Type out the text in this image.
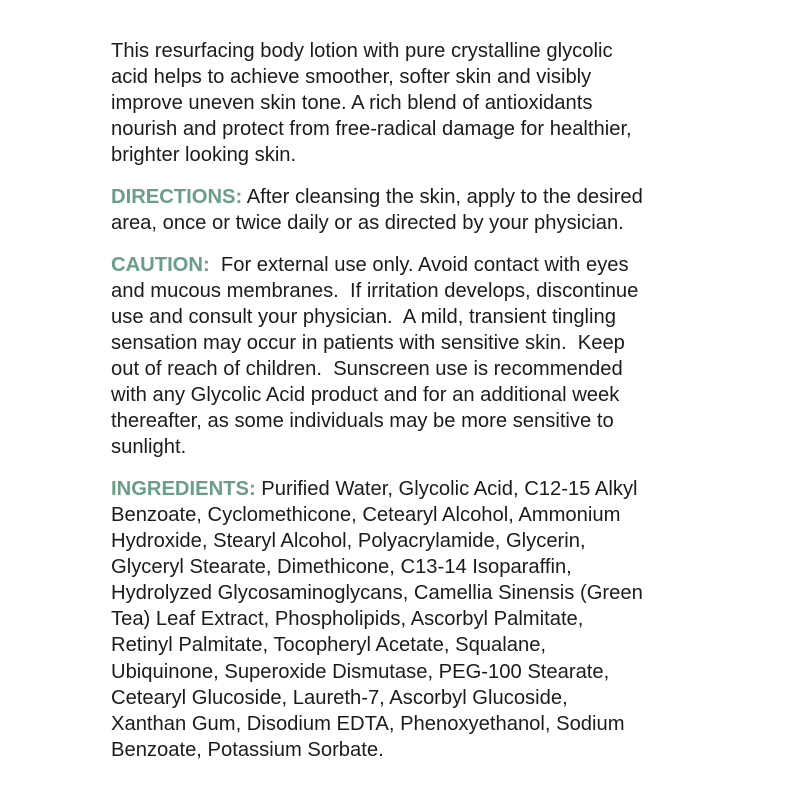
This resurfacing body lotion with pure crystalline glycolic
acid helps to achieve smoother, softer skin and visibly
improve uneven skin tone. A rich blend of antioxidants
nourish and protect from free-radical damage for healthier,
brighter looking skin.

DIRECTIONS: After cleansing the skin, apply to the desired
area, once or twice daily or as directed by your physician.

CAUTION:  For external use only. Avoid contact with eyes
and mucous membranes.  If irritation develops, discontinue
use and consult your physician.  A mild, transient tingling
sensation may occur in patients with sensitive skin.  Keep
out of reach of children.  Sunscreen use is recommended
with any Glycolic Acid product and for an additional week
thereafter, as some individuals may be more sensitive to
sunlight.

INGREDIENTS: Purified Water, Glycolic Acid, C12-15 Alkyl
Benzoate, Cyclomethicone, Cetearyl Alcohol, Ammonium
Hydroxide, Stearyl Alcohol, Polyacrylamide, Glycerin,
Glyceryl Stearate, Dimethicone, C13-14 Isoparaffin,
Hydrolyzed Glycosaminoglycans, Camellia Sinensis (Green
Tea) Leaf Extract, Phospholipids, Ascorbyl Palmitate,
Retinyl Palmitate, Tocopheryl Acetate, Squalane,
Ubiquinone, Superoxide Dismutase, PEG-100 Stearate,
Cetearyl Glucoside, Laureth-7, Ascorbyl Glucoside,
Xanthan Gum, Disodium EDTA, Phenoxyethanol, Sodium
Benzoate, Potassium Sorbate.
